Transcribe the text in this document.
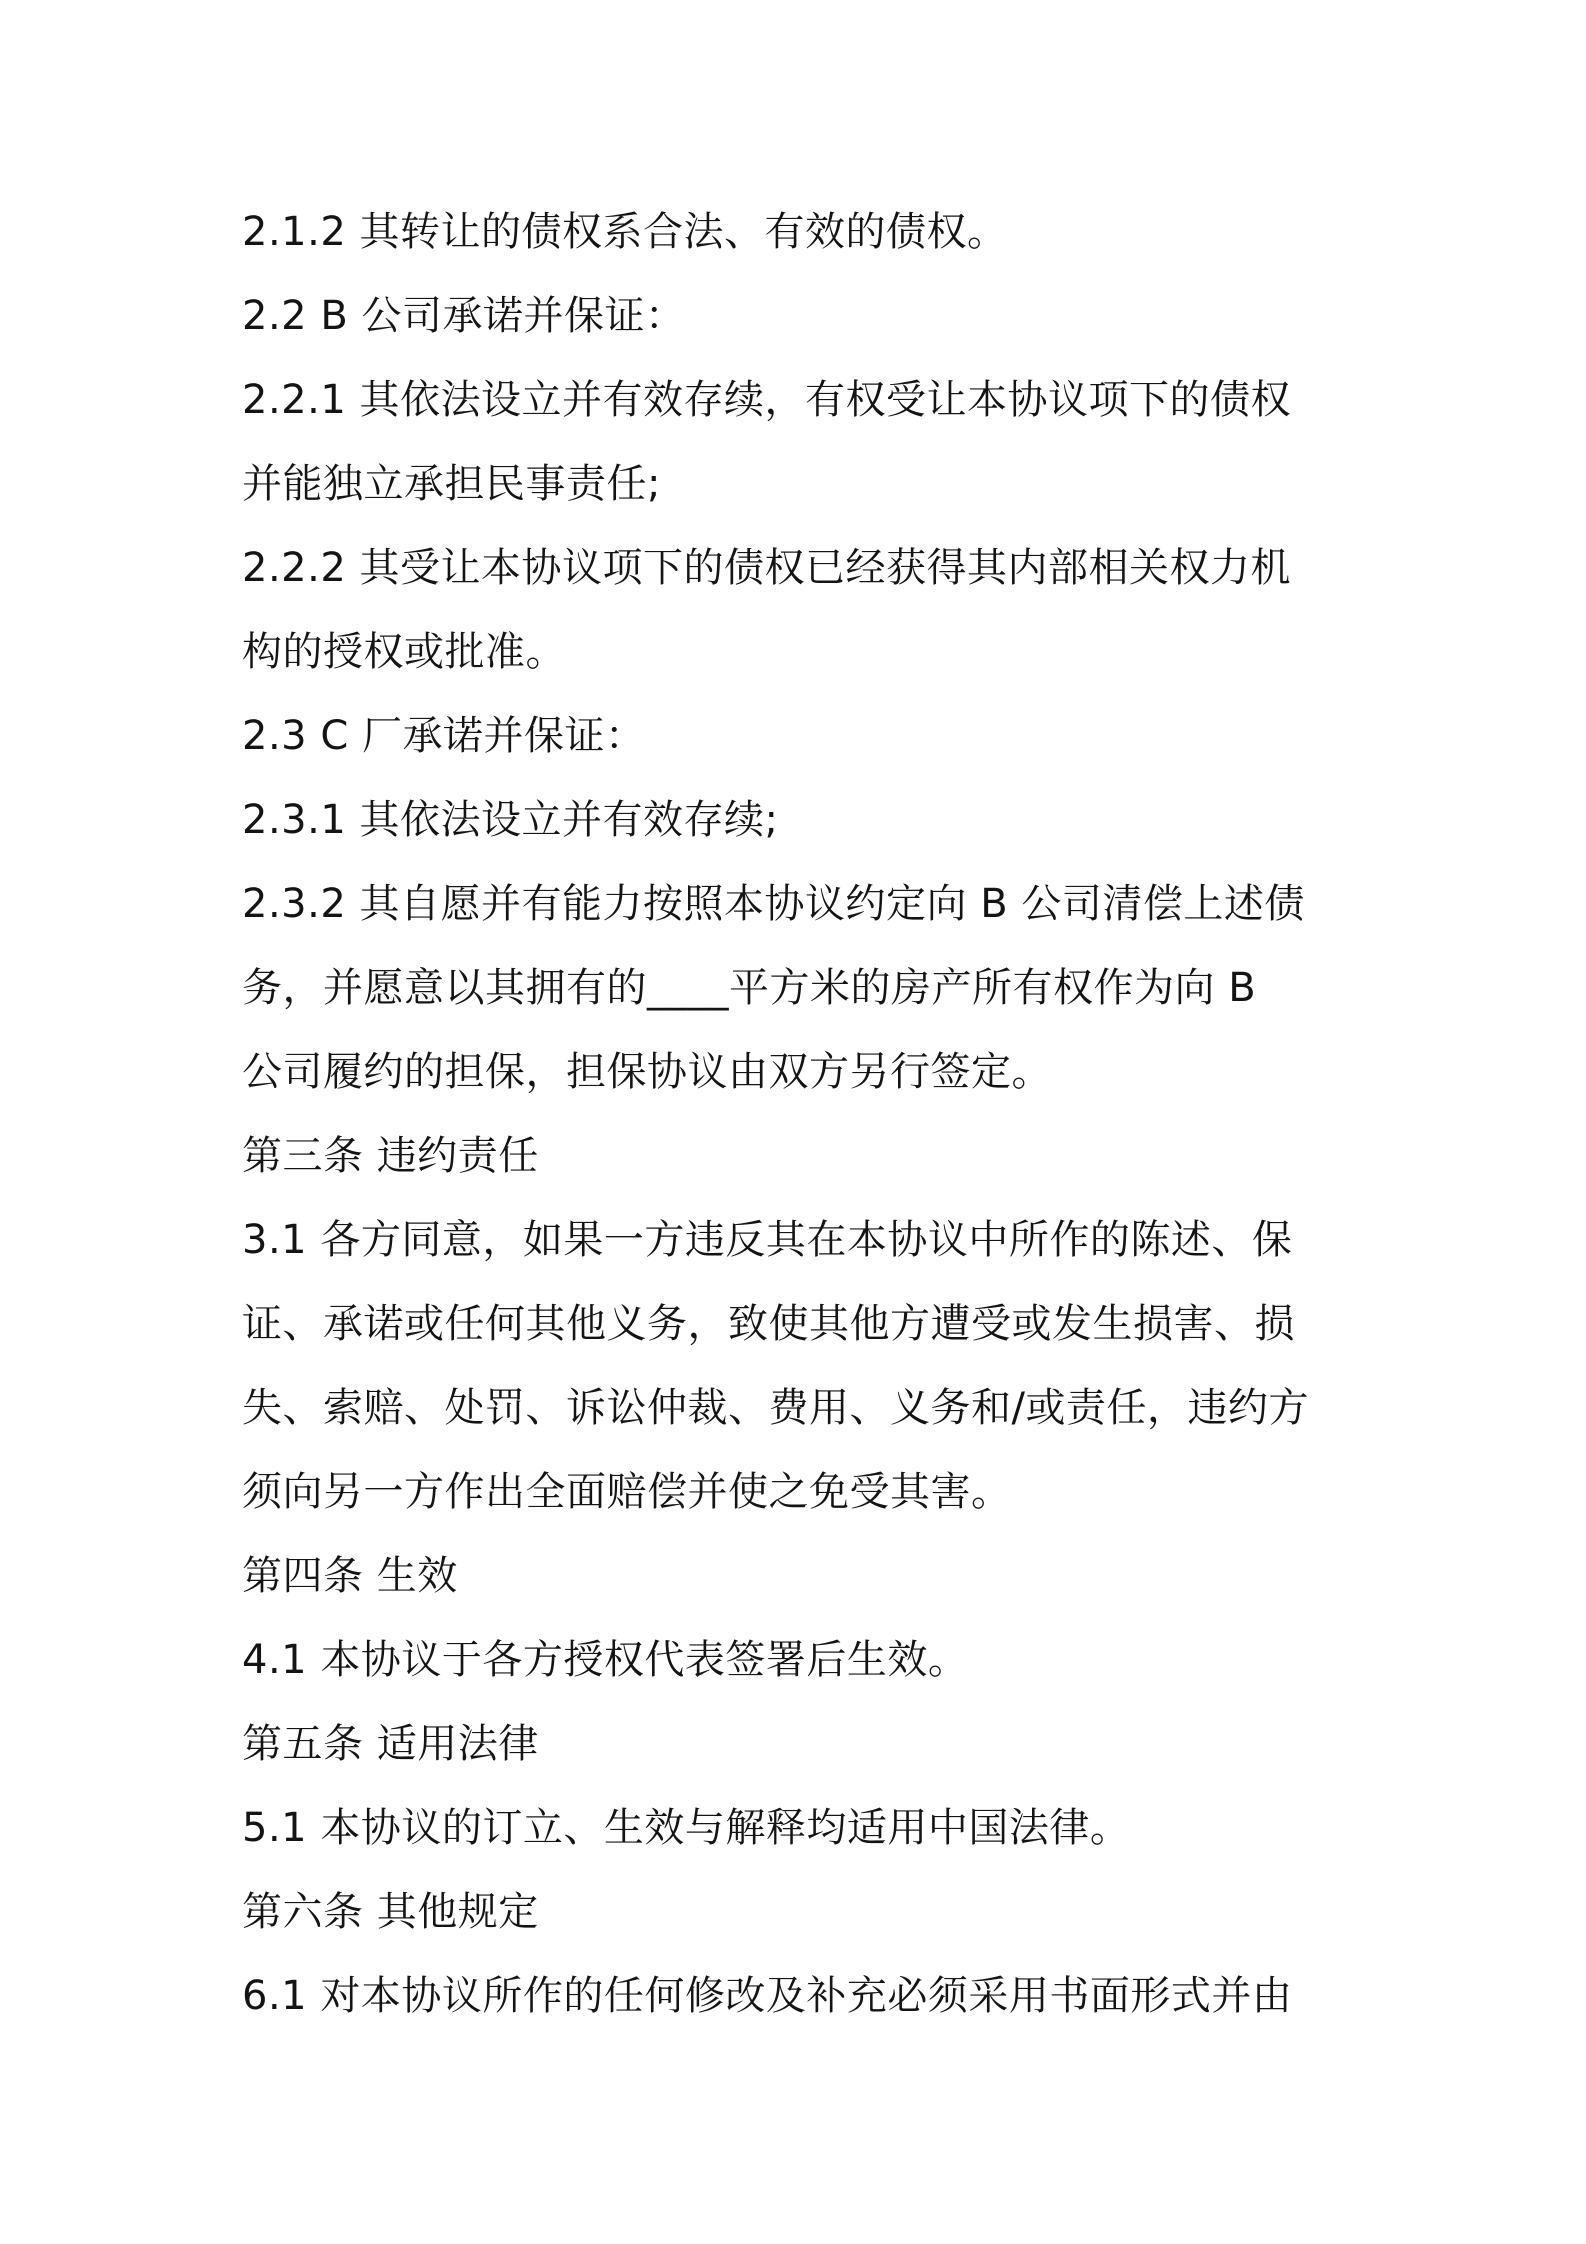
2.1.2 其转让的债权系合法、有效的债权。
2.2 B 公司承诺并保证：
2.2.1 其依法设立并有效存续，有权受让本协议项下的债权
并能独立承担民事责任;
2.2.2 其受让本协议项下的债权已经获得其内部相关权力机
构的授权或批准。
2.3 C 厂承诺并保证：
2.3.1 其依法设立并有效存续;
2.3.2 其自愿并有能力按照本协议约定向 B 公司清偿上述债
务，并愿意以其拥有的____平方米的房产所有权作为向 B
公司履约的担保，担保协议由双方另行签定。
第三条 违约责任
3.1 各方同意，如果一方违反其在本协议中所作的陈述、保
证、承诺或任何其他义务，致使其他方遭受或发生损害、损
失、索赔、处罚、诉讼仲裁、费用、义务和/或责任，违约方
须向另一方作出全面赔偿并使之免受其害。
第四条 生效
4.1 本协议于各方授权代表签署后生效。
第五条 适用法律
5.1 本协议的订立、生效与解释均适用中国法律。
第六条 其他规定
6.1 对本协议所作的任何修改及补充必须采用书面形式并由
